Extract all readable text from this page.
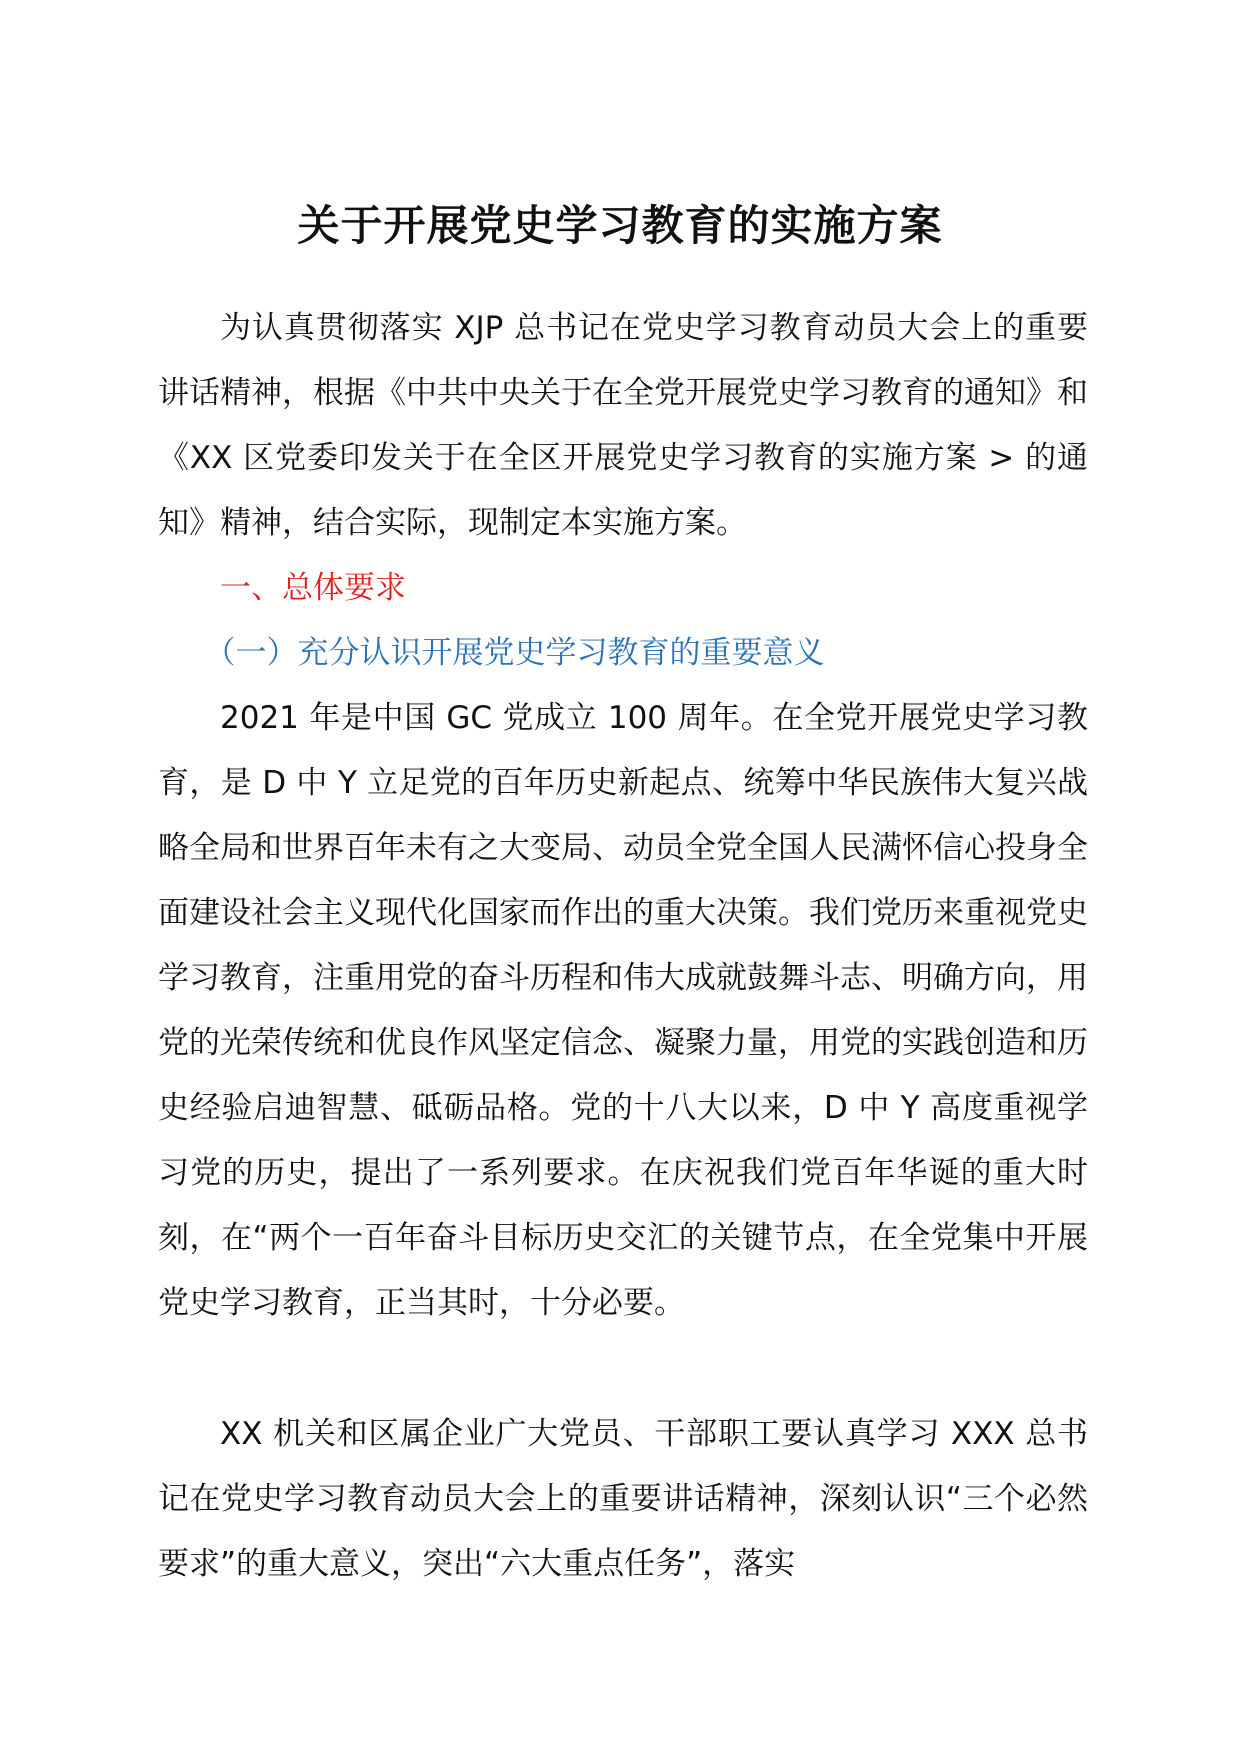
关于开展党史学习教育的实施方案
为认真贯彻落实 XJP 总书记在党史学习教育动员大会上的重要讲话精神，根据《中共中央关于在全党开展党史学习教育的通知》和《XX 区党委印发关于在全区开展党史学习教育的实施方案 > 的通知》精神，结合实际，现制定本实施方案。
一、总体要求
（一）充分认识开展党史学习教育的重要意义
2021 年是中国 GC 党成立 100 周年。在全党开展党史学习教育，是 D 中 Y 立足党的百年历史新起点、统筹中华民族伟大复兴战略全局和世界百年未有之大变局、动员全党全国人民满怀信心投身全面建设社会主义现代化国家而作出的重大决策。我们党历来重视党史学习教育，注重用党的奋斗历程和伟大成就鼓舞斗志、明确方向，用党的光荣传统和优良作风坚定信念、凝聚力量，用党的实践创造和历史经验启迪智慧、砥砺品格。党的十八大以来，D 中 Y 高度重视学习党的历史，提出了一系列要求。在庆祝我们党百年华诞的重大时刻，在“两个一百年奋斗目标历史交汇的关键节点，在全党集中开展党史学习教育，正当其时，十分必要。
XX 机关和区属企业广大党员、干部职工要认真学习 XXX 总书记在党史学习教育动员大会上的重要讲话精神，深刻认识“三个必然要求”的重大意义，突出“六大重点任务”，落实
